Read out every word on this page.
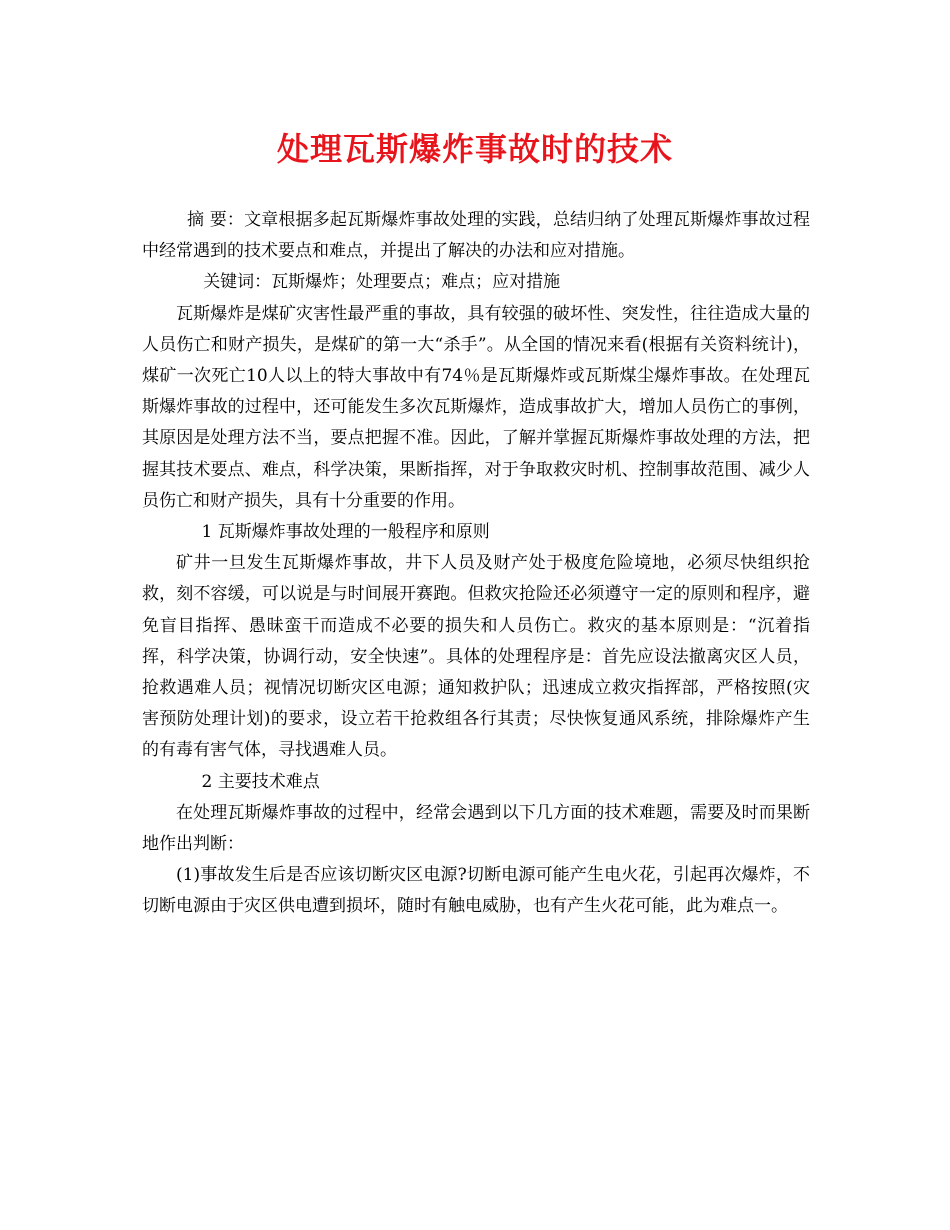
处理瓦斯爆炸事故时的技术

摘 要：文章根据多起瓦斯爆炸事故处理的实践，总结归纳了处理瓦斯爆炸事故过程中经常遇到的技术要点和难点，并提出了解决的办法和应对措施。

关键词：瓦斯爆炸；处理要点；难点；应对措施

瓦斯爆炸是煤矿灾害性最严重的事故，具有较强的破坏性、突发性，往往造成大量的人员伤亡和财产损失，是煤矿的第一大“杀手”。从全国的情况来看(根据有关资料统计)，煤矿一次死亡10人以上的特大事故中有74％是瓦斯爆炸或瓦斯煤尘爆炸事故。在处理瓦斯爆炸事故的过程中，还可能发生多次瓦斯爆炸，造成事故扩大，增加人员伤亡的事例，其原因是处理方法不当，要点把握不准。因此，了解并掌握瓦斯爆炸事故处理的方法，把握其技术要点、难点，科学决策，果断指挥，对于争取救灾时机、控制事故范围、减少人员伤亡和财产损失，具有十分重要的作用。

1 瓦斯爆炸事故处理的一般程序和原则

矿井一旦发生瓦斯爆炸事故，井下人员及财产处于极度危险境地，必须尽快组织抢救，刻不容缓，可以说是与时间展开赛跑。但救灾抢险还必须遵守一定的原则和程序，避免盲目指挥、愚昧蛮干而造成不必要的损失和人员伤亡。救灾的基本原则是：“沉着指挥，科学决策，协调行动，安全快速”。具体的处理程序是：首先应设法撤离灾区人员，抢救遇难人员；视情况切断灾区电源；通知救护队；迅速成立救灾指挥部，严格按照(灾害预防处理计划)的要求，设立若干抢救组各行其责；尽快恢复通风系统，排除爆炸产生的有毒有害气体，寻找遇难人员。

2 主要技术难点

在处理瓦斯爆炸事故的过程中，经常会遇到以下几方面的技术难题，需要及时而果断地作出判断：

(1)事故发生后是否应该切断灾区电源?切断电源可能产生电火花，引起再次爆炸，不切断电源由于灾区供电遭到损坏，随时有触电威胁，也有产生火花可能，此为难点一。
